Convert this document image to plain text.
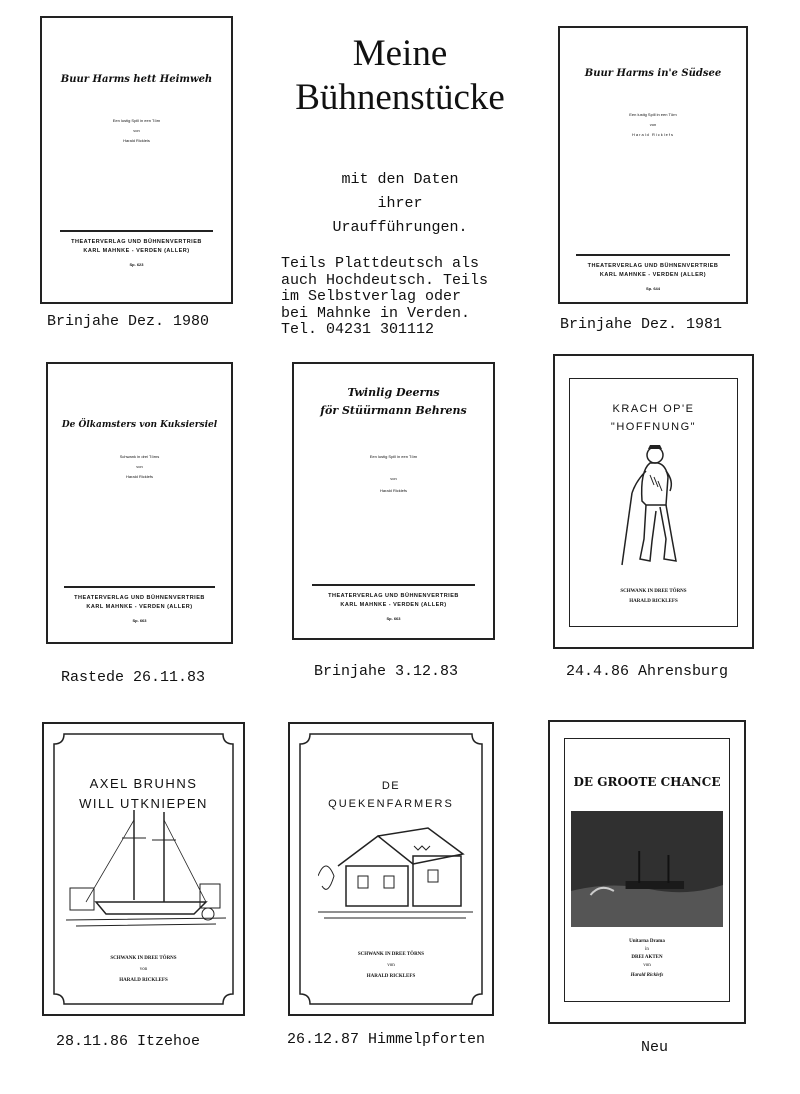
Meine
Bühnenstücke
mit den Daten
ihrer
Uraufführungen.
Teils Plattdeutsch als
auch Hochdeutsch. Teils
im Selbstverlag oder
bei Mahnke in Verden.
Tel. 04231 301112
Buur Harms hett Heimweh
Een lustig Spill in een Törn
von
Harald Rickleis
THEATERVERLAG UND BÜHNENVERTRIEB
KARL MAHNKE - VERDEN (ALLER)
Sp. 623
Brinjahe Dez. 1980
Buur Harms in'e Südsee
Een lustig Spill in een Törn
von
Harald Ricklefs
THEATERVERLAG UND BÜHNENVERTRIEB
KARL MAHNKE - VERDEN (ALLER)
Sp. 644
Brinjahe Dez. 1981
De Ölkamsters von Kuksiersiel
Schwank in drei Törns
von
Harald Ricklefs
THEATERVERLAG UND BÜHNENVERTRIEB
KARL MAHNKE - VERDEN (ALLER)
Sp. 663
Rastede 26.11.83
Twinlig Deerns
för Stüürmann Behrens
Een lustig Spill in een Törn
von
Harald Ricklefs
THEATERVERLAG UND BÜHNENVERTRIEB
KARL MAHNKE - VERDEN (ALLER)
Sp. 663
Brinjahe 3.12.83
KRACH OP'E
"HOFFNUNG"
SCHWANK IN DREE TÖRNS
HARALD RICKLEFS
24.4.86 Ahrensburg
AXEL BRUHNS
WILL UTKNIEPEN
SCHWANK IN DREE TÖRNS
von
HARALD RICKLEFS
28.11.86 Itzehoe
DE
QUEKENFARMERS
SCHWANK IN DREE TÖRNS
von
HARALD RICKLEFS
26.12.87 Himmelpforten
DE GROOTE CHANCE
Unitarna Drama
in
DREI AKTEN
von
Harald Ricklefs
Neu
